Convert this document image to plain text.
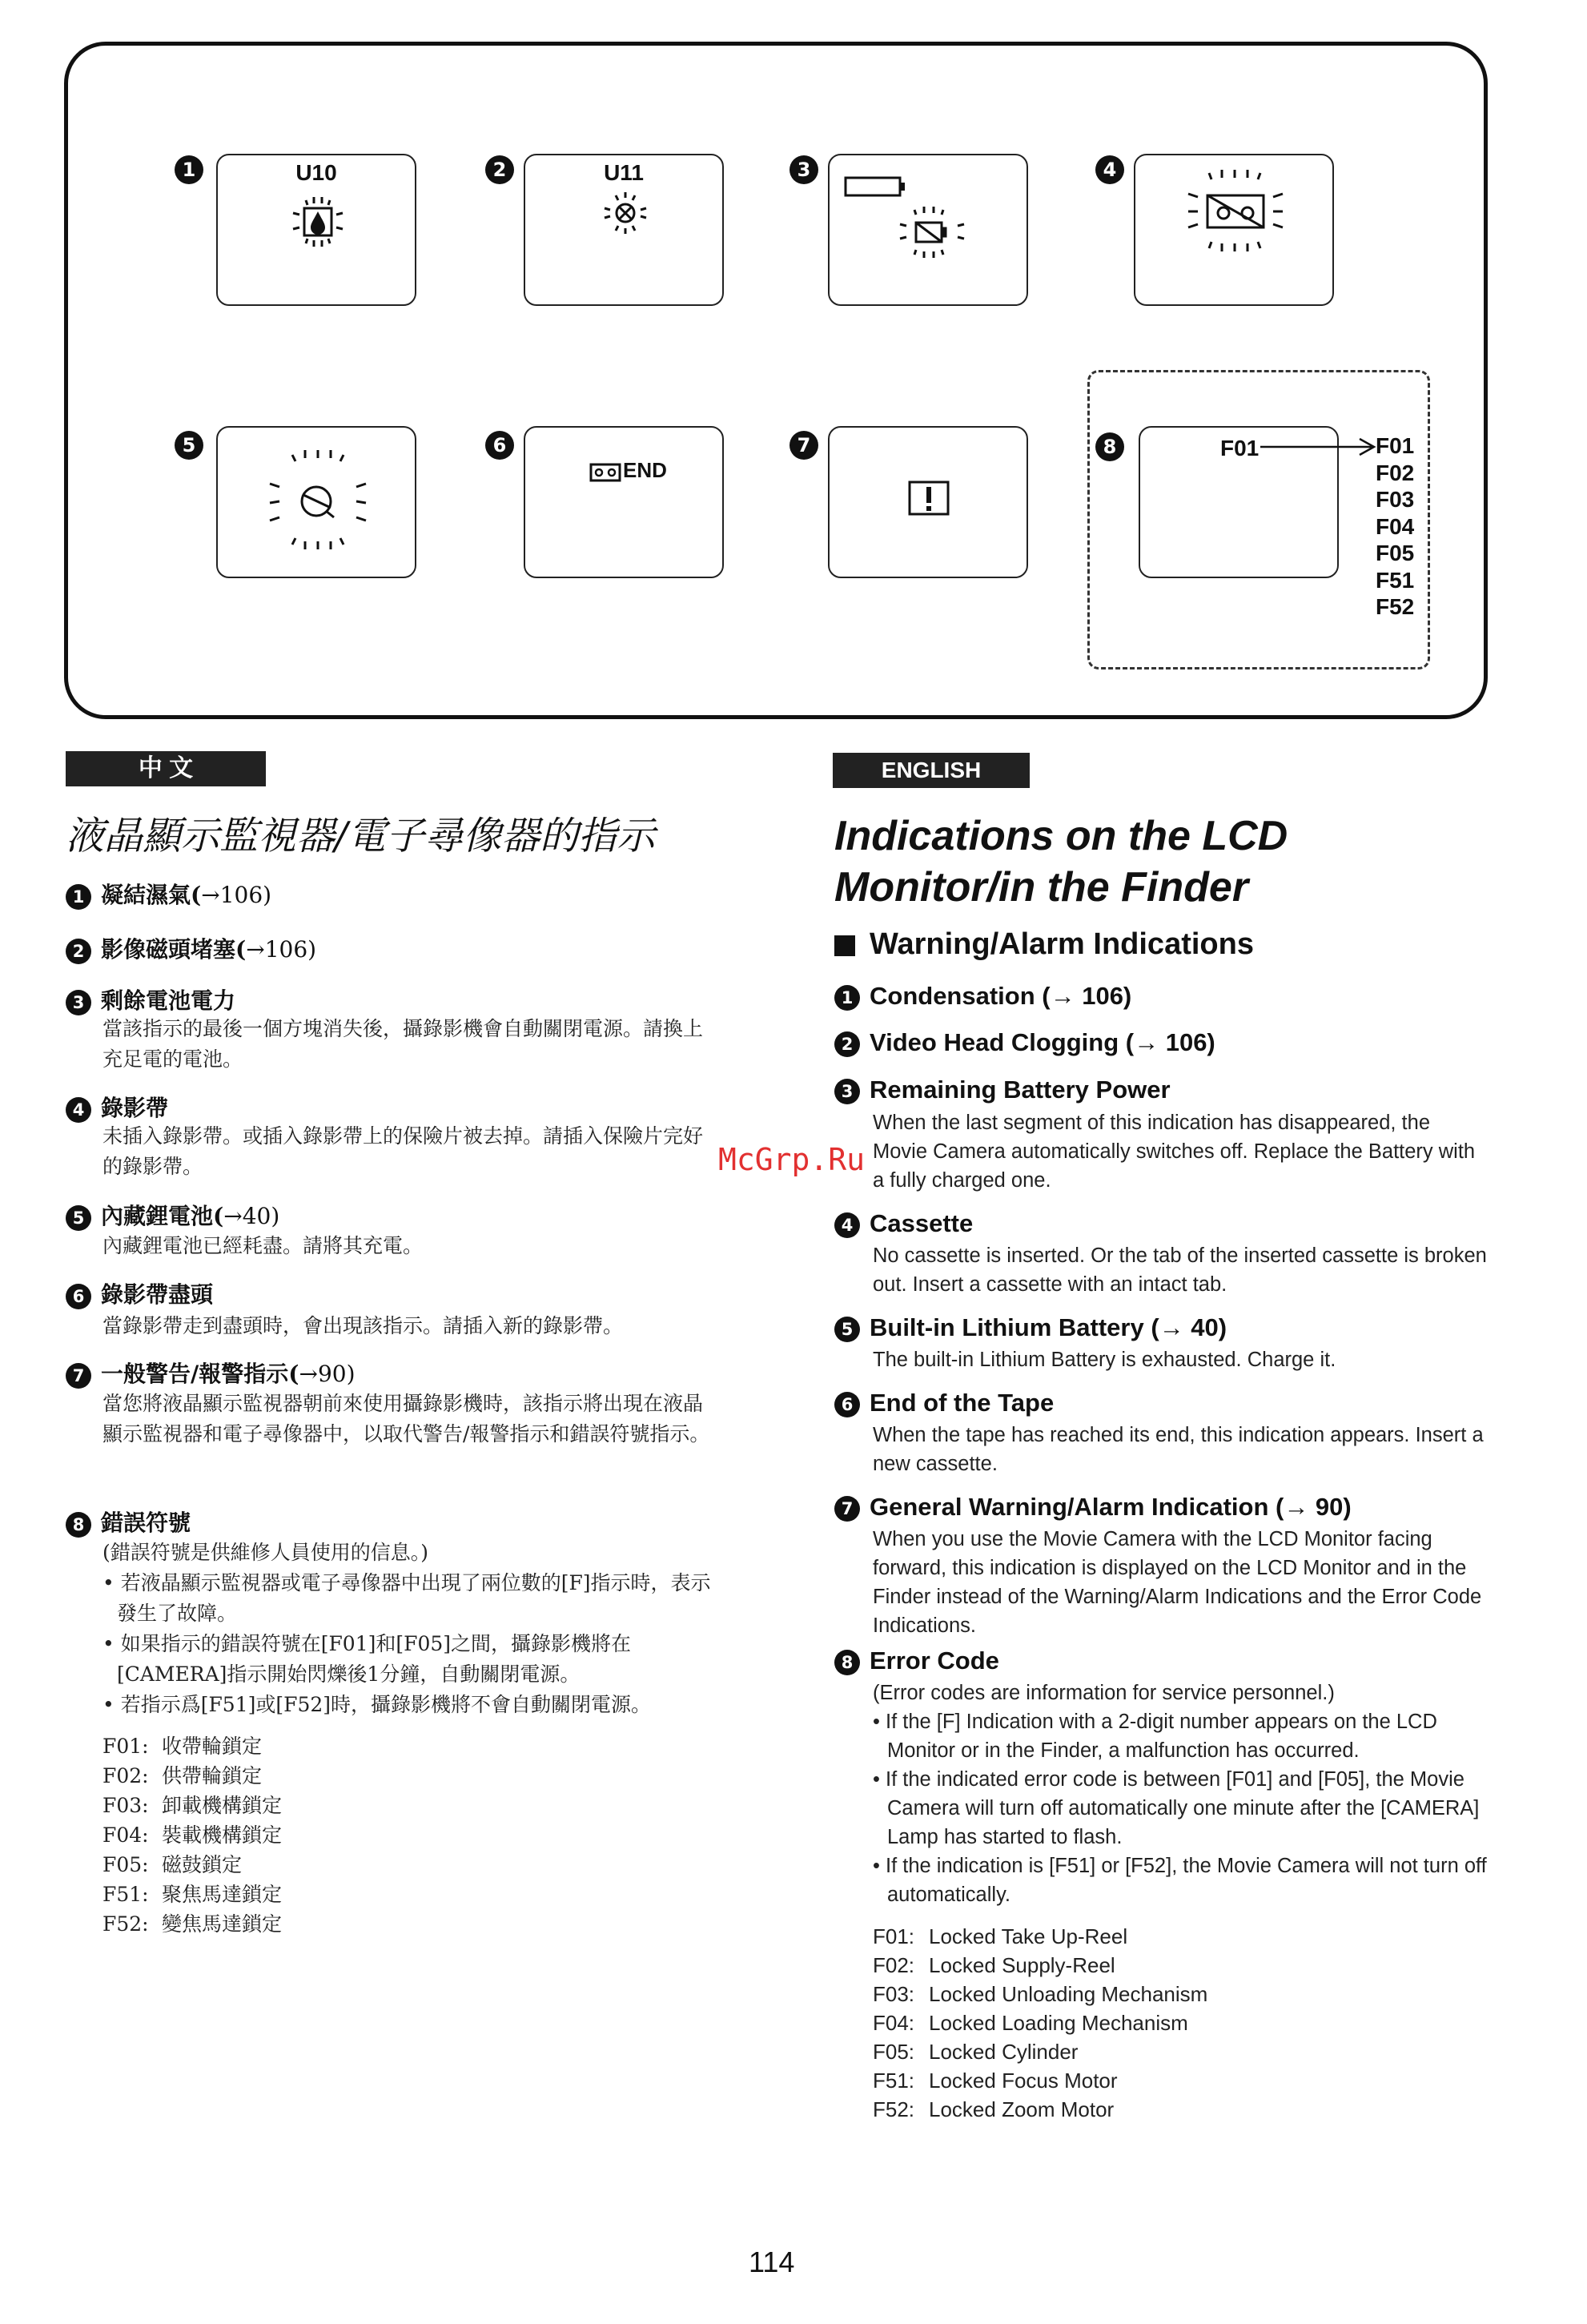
1	U10	2	U11	3	4
5	6
END
7	8	F01	F01
F02
F03
F04
F05
F51
F52
中 文
液晶顯示監視器/電子尋像器的指示
1 凝結濕氣(→106)
2 影像磁頭堵塞(→106)
3 剩餘電池電力
當該指示的最後一個方塊消失後，攝錄影機會自動關閉電源。請換上充足電的電池。
4 錄影帶
未插入錄影帶。或插入錄影帶上的保險片被去掉。請插入保險片完好的錄影帶。
5 內藏鋰電池(→40)
內藏鋰電池已經耗盡。請將其充電。
6 錄影帶盡頭
當錄影帶走到盡頭時，會出現該指示。請插入新的錄影帶。
7 一般警告/報警指示(→90)
當您將液晶顯示監視器朝前來使用攝錄影機時，該指示將出現在液晶顯示監視器和電子尋像器中，以取代警告/報警指示和錯誤符號指示。
8 錯誤符號
(錯誤符號是供維修人員使用的信息。)
• 若液晶顯示監視器或電子尋像器中出現了兩位數的[F]指示時，表示發生了故障。
• 如果指示的錯誤符號在[F01]和[F05]之間，攝錄影機將在[CAMERA]指示開始閃爍後1分鐘，自動關閉電源。
• 若指示爲[F51]或[F52]時，攝錄影機將不會自動關閉電源。
F01: 收帶輪鎖定
F02: 供帶輪鎖定
F03: 卸載機構鎖定
F04: 裝載機構鎖定
F05: 磁鼓鎖定
F51: 聚焦馬達鎖定
F52: 變焦馬達鎖定
McGrp.Ru
ENGLISH
Indications on the LCD
Monitor/in the Finder
Warning/Alarm Indications
1 Condensation (→ 106)
2 Video Head Clogging (→ 106)
3 Remaining Battery Power
When the last segment of this indication has disappeared, the Movie Camera automatically switches off. Replace the Battery with a fully charged one.
4 Cassette
No cassette is inserted. Or the tab of the inserted cassette is broken out. Insert a cassette with an intact tab.
5 Built-in Lithium Battery (→ 40)
The built-in Lithium Battery is exhausted. Charge it.
6 End of the Tape
When the tape has reached its end, this indication appears. Insert a new cassette.
7 General Warning/Alarm Indication (→ 90)
When you use the Movie Camera with the LCD Monitor facing forward, this indication is displayed on the LCD Monitor and in the Finder instead of the Warning/Alarm Indications and the Error Code Indications.
8 Error Code
(Error codes are information for service personnel.)
• If the [F] Indication with a 2-digit number appears on the LCD Monitor or in the Finder, a malfunction has occurred.
• If the indicated error code is between [F01] and [F05], the Movie Camera will turn off automatically one minute after the [CAMERA] Lamp has started to flash.
• If the indication is [F51] or [F52], the Movie Camera will not turn off automatically.
F01: Locked Take Up-Reel
F02: Locked Supply-Reel
F03: Locked Unloading Mechanism
F04: Locked Loading Mechanism
F05: Locked Cylinder
F51: Locked Focus Motor
F52: Locked Zoom Motor
114
